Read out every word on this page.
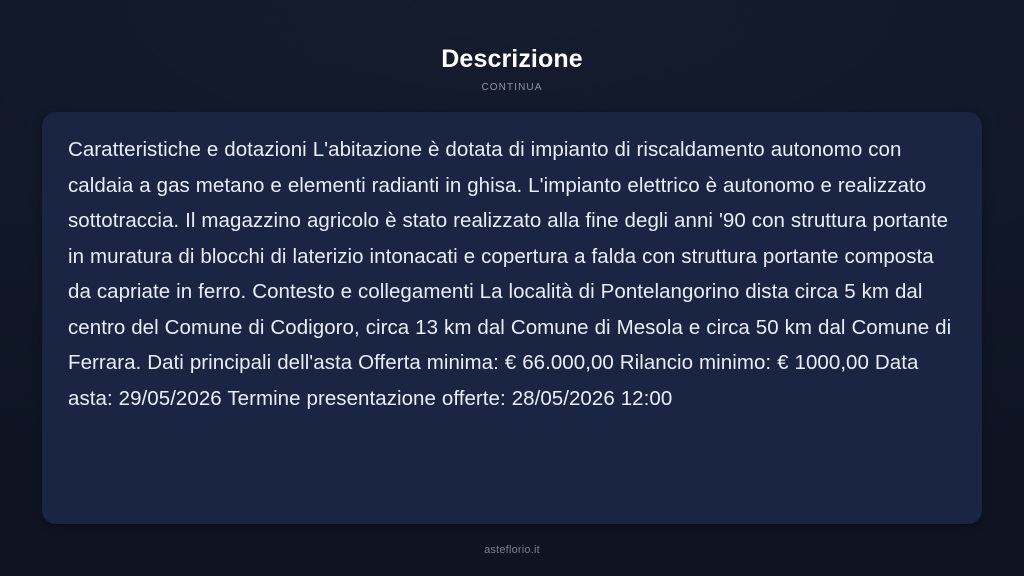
Descrizione
CONTINUA

Caratteristiche e dotazioni L'abitazione è dotata di impianto di riscaldamento autonomo con caldaia a gas metano e elementi radianti in ghisa. L'impianto elettrico è autonomo e realizzato sottotraccia. Il magazzino agricolo è stato realizzato alla fine degli anni '90 con struttura portante in muratura di blocchi di laterizio intonacati e copertura a falda con struttura portante composta da capriate in ferro. Contesto e collegamenti La località di Pontelangorino dista circa 5 km dal centro del Comune di Codigoro, circa 13 km dal Comune di Mesola e circa 50 km dal Comune di Ferrara. Dati principali dell'asta Offerta minima: € 66.000,00 Rilancio minimo: € 1000,00 Data asta: 29/05/2026 Termine presentazione offerte: 28/05/2026 12:00

asteflorio.it
